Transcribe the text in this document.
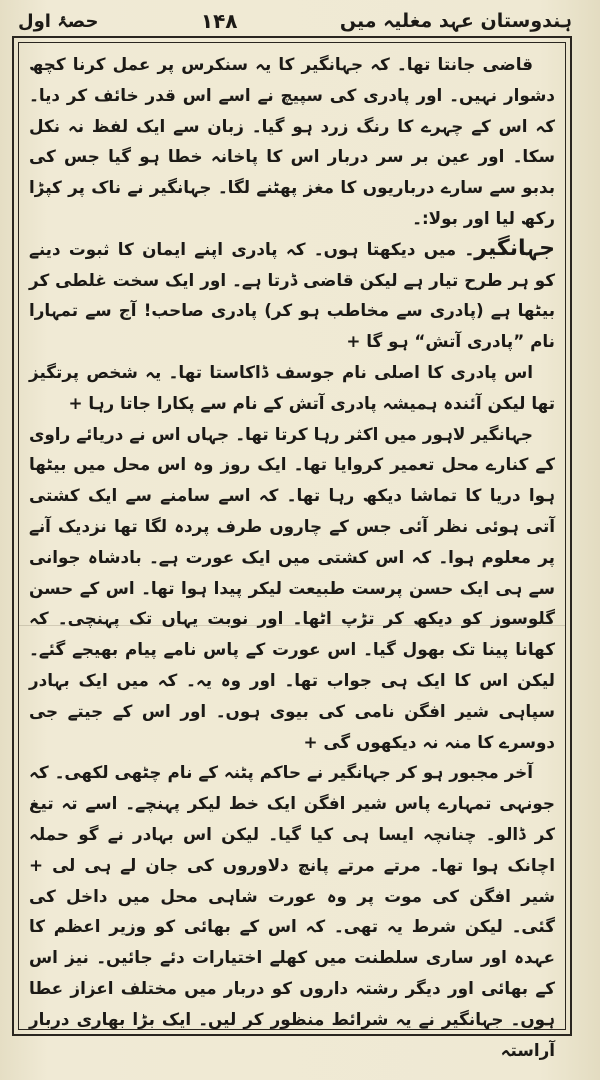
ہندوستان عہد مغلیہ میں
۱۴۸
حصۂ اول

قاضی جانتا تھا۔ کہ جہانگیر کا یہ سنکرس پر عمل کرنا کچھ دشوار نہیں۔ اور پادری کی سپیچ نے اسے اس قدر خائف کر دیا۔ کہ اس کے چہرے کا رنگ زرد ہو گیا۔ زبان سے ایک لفظ نہ نکل سکا۔ اور عین بر سر دربار اس کا پاخانہ خطا ہو گیا جس کی بدبو سے سارے درباریوں کا مغز پھٹنے لگا۔ جہانگیر نے ناک پر کپڑا رکھ لیا اور بولا:۔

جہانگیر۔ میں دیکھتا ہوں۔ کہ پادری اپنے ایمان کا ثبوت دینے کو ہر طرح تیار ہے لیکن قاضی ڈرتا ہے۔ اور ایک سخت غلطی کر بیٹھا ہے (پادری سے مخاطب ہو کر) پادری صاحب! آج سے تمہارا نام ”پادری آتش“ ہو گا +

اس پادری کا اصلی نام جوسف ڈاکاستا تھا۔ یہ شخص پرتگیز تھا لیکن آئندہ ہمیشہ پادری آتش کے نام سے پکارا جاتا رہا +

جہانگیر لاہور میں اکثر رہا کرتا تھا۔ جہاں اس نے دریائے راوی کے کنارے محل تعمیر کروایا تھا۔ ایک روز وہ اس محل میں بیٹھا ہوا دریا کا تماشا دیکھ رہا تھا۔ کہ اسے سامنے سے ایک کشتی آتی ہوئی نظر آئی جس کے چاروں طرف پردہ لگا تھا نزدیک آنے پر معلوم ہوا۔ کہ اس کشتی میں ایک عورت ہے۔ بادشاہ جوانی سے ہی ایک حسن پرست طبیعت لیکر پیدا ہوا تھا۔ اس کے حسن گلوسوز کو دیکھ کر تڑپ اٹھا۔ اور نوبت یہاں تک پہنچی۔ کہ کھانا پینا تک بھول گیا۔ اس عورت کے پاس نامے پیام بھیجے گئے۔ لیکن اس کا ایک ہی جواب تھا۔ اور وہ یہ۔ کہ میں ایک بہادر سپاہی شیر افگن نامی کی بیوی ہوں۔ اور اس کے جیتے جی دوسرے کا منہ نہ دیکھوں گی +

آخر مجبور ہو کر جہانگیر نے حاکم پٹنہ کے نام چٹھی لکھی۔ کہ جونہی تمہارے پاس شیر افگن ایک خط لیکر پہنچے۔ اسے تہ تیغ کر ڈالو۔ چنانچہ ایسا ہی کیا گیا۔ لیکن اس بہادر نے گو حملہ اچانک ہوا تھا۔ مرتے مرتے پانچ دلاوروں کی جان لے ہی لی + شیر افگن کی موت پر وہ عورت شاہی محل میں داخل کی گئی۔ لیکن شرط یہ تھی۔ کہ اس کے بھائی کو وزیر اعظم کا عہدہ اور ساری سلطنت میں کھلے اختیارات دئے جائیں۔ نیز اس کے بھائی اور دیگر رشتہ داروں کو دربار میں مختلف اعزاز عطا ہوں۔ جہانگیر نے یہ شرائط منظور کر لیں۔ ایک بڑا بھاری دربار آراستہ
